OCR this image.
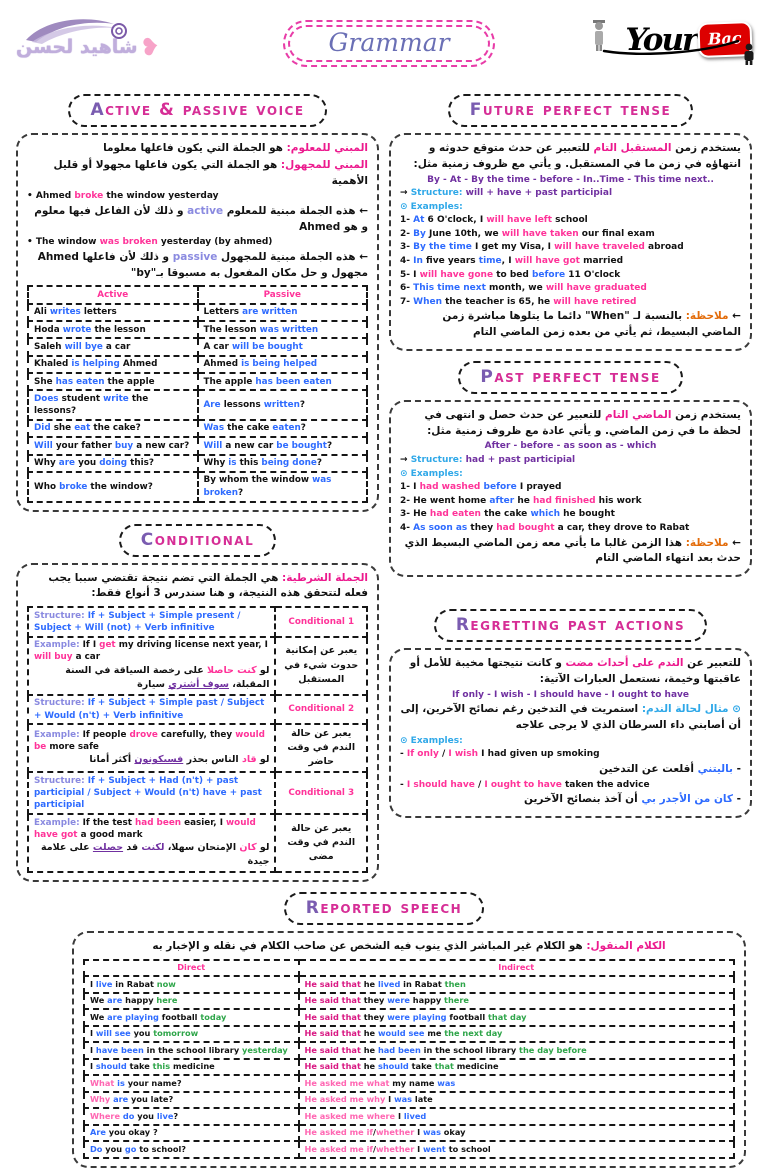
شاهيد لحسن ❥	Grammar	Your Bac
Active & passive voice
المبني للمعلوم: هو الجملة التي يكون فاعلها معلوما
المبني للمجهول: هو الجملة التي يكون فاعلها مجهولا أو قليل الأهمية
• Ahmed broke the window yesterday
← هذه الجملة مبنية للمعلوم active و ذلك لأن الفاعل فيها معلوم و هو Ahmed
• The window was broken yesterday (by ahmed)
← هذه الجملة مبنية للمجهول passive و ذلك لأن فاعلها Ahmed مجهول و حل مكان المفعول به مسبوقا بـ"by"
Active	Passive

Ali writes letters	Letters are written

Hoda wrote the lesson	The lesson was written

Saleh will bye a car	A car will be bought

Khaled is helping Ahmed	Ahmed is being helped

She has eaten the apple	The apple has been eaten

Does student write the lessons?	Are lessons written?

Did she eat the cake?	Was the cake eaten?

Will your father buy a new car?	Will a new car be bought?

Why are you doing this?	Why is this being done?

Who broke the window?	By whom the window was broken?
Conditional
الجملة الشرطية: هي الجملة التي تضم نتيجة تقتضي سببا يجب فعله لتتحقق هذه النتيجة، و هنا سندرس 3 أنواع فقط:
Structure: If + Subject + Simple present / Subject + Will (not) + Verb infinitive	Conditional 1

Example: If I get my driving license next year, I will buy a car
لو كنت حاصلا على رخصة السياقة في السنة المقبلة، سوف أشتري سيارة	يعبر عن إمكانية حدوث شيء في المستقبل

Structure: If + Subject + Simple past / Subject + Would (n't) + Verb infinitive	Conditional 2

Example: If people drove carefully, they would be more safe
لو قاد الناس بحذر فسيكونون أكثر أمانا	يعبر عن حالة الندم في وقت حاضر

Structure: If + Subject + Had (n't) + past participial / Subject + Would (n't) have + past participial	Conditional 3

Example: If the test had been easier, I would have got a good mark
لو كان الإمتحان سهلا، لكنت قد حصلت على علامة جيدة	يعبر عن حالة الندم في وقت مضى
Future perfect tense
يستخدم زمن المستقبل التام للتعبير عن حدث متوقع حدوثه و انتهاؤه في زمن ما في المستقبل. و يأتي مع ظروف زمنية مثل:
By - At - By the time - before - In..Time - This time next..
→ Structure: will + have + past participial
⊙ Examples:
1- At 6 O'clock, I will have left school
2- By June 10th, we will have taken our final exam
3- By the time I get my Visa, I will have traveled abroad
4- In five years time, I will have got married
5- I will have gone to bed before 11 O'clock
6- This time next month, we will have graduated
7- When the teacher is 65, he will have retired
← ملاحظة: بالنسبة لـ "When" دائما ما يتلوها مباشرة زمن الماضي البسيط، ثم يأتي من بعده زمن الماضي التام
Past perfect tense
يستخدم زمن الماضي التام للتعبير عن حدث حصل و انتهى في لحظة ما في زمن الماضي. و يأتي عادة مع ظروف زمنية مثل:
After - before - as soon as - which
→ Structure: had + past participial
⊙ Examples:
1- I had washed before I prayed
2- He went home after he had finished his work
3- He had eaten the cake which he bought
4- As soon as they had bought a car, they drove to Rabat
← ملاحظة: هذا الزمن غالبا ما يأتي معه زمن الماضي البسيط الذي حدث بعد انتهاء الماضي التام
Regretting past actions
للتعبير عن الندم على أحداث مضت و كانت نتيجتها مخيبة للأمل أو عاقبتها وخيمة، نستعمل العبارات الآتية:
If only - I wish - I should have - I ought to have
⊙ مثال لحالة الندم: استمريت في التدخين رغم نصائح الآخرين، إلى أن أصابني داء السرطان الذي لا يرجى علاجه
⊙ Examples:
- If only / I wish I had given up smoking
- باليتني أقلعت عن التدخين
- I should have / I ought to have taken the advice
- كان من الأجدر بي أن آخذ بنصائح الآخرين
Reported speech
الكلام المنقول: هو الكلام غير المباشر الذي ينوب فيه الشخص عن صاحب الكلام في نقله و الإخبار به
Direct	Indirect

I live in Rabat now	He said that he lived in Rabat then

We are happy here	He said that they were happy there

We are playing football today	He said that they were playing football that day

I will see you tomorrow	He said that he would see me the next day

I have been in the school library yesterday	He said that he had been in the school library the day before

I should take this medicine	He said that he should take that medicine

What is your name?	He asked me what my name was

Why are you late?	He asked me why I was late

Where do you live?	He asked me where I lived

Are you okay ?	He asked me if/whether I was okay

Do you go to school?	He asked me if/whether I went to school
